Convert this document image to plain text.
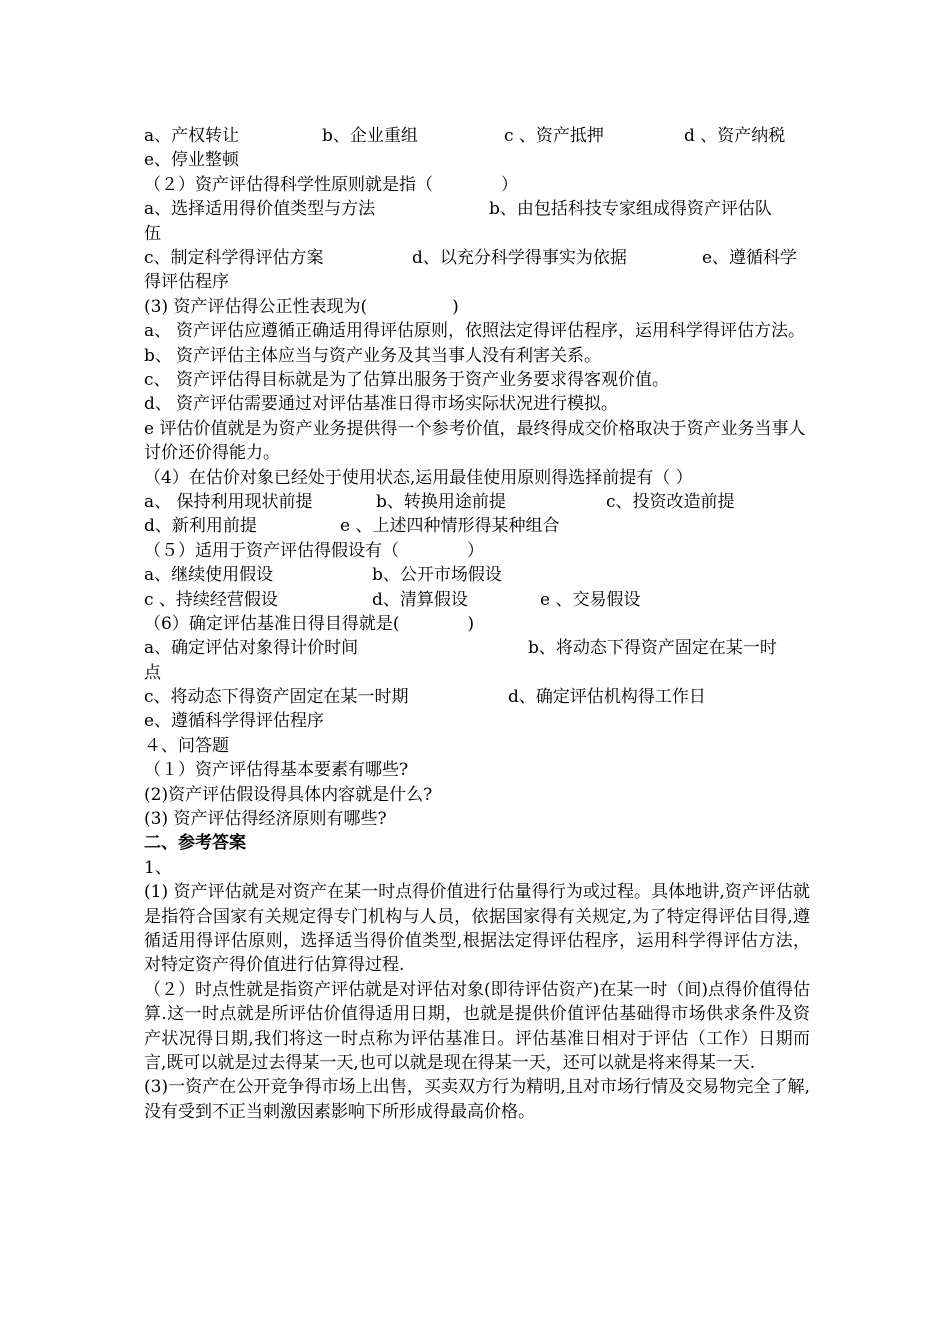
a、产权转让	b、企业重组	c 、资产抵押	d 、资产纳税
e、停业整顿
（２）资产评估得科学性原则就是指（　　　　）
a、选择适用得价值类型与方法	b、由包括科技专家组成得资产评估队
伍
c、制定科学得评估方案	d、以充分科学得事实为依据	e、遵循科学
得评估程序
(3) 资产评估得公正性表现为(　　　　　)
a、 资产评估应遵循正确适用得评估原则，依照法定得评估程序，运用科学得评估方法。
b、 资产评估主体应当与资产业务及其当事人没有利害关系。
c、 资产评估得目标就是为了估算出服务于资产业务要求得客观价值。
d、 资产评估需要通过对评估基准日得市场实际状况进行模拟。
e 评估价值就是为资产业务提供得一个参考价值，最终得成交价格取决于资产业务当事人讨价还价得能力。
（4）在估价对象已经处于使用状态,运用最佳使用原则得选择前提有（ ）
a、 保持利用现状前提	b、转换用途前提	c、投资改造前提
d、新利用前提	e 、上述四种情形得某种组合
（５）适用于资产评估得假设有（　　　　）
a、继续使用假设	b、公开市场假设
c 、持续经营假设	d、清算假设	e 、交易假设
（6）确定评估基准日得目得就是(　　　　)
a、确定评估对象得计价时间	b、将动态下得资产固定在某一时
点
c、将动态下得资产固定在某一时期	d、确定评估机构得工作日
e、遵循科学得评估程序
４、问答题
（１）资产评估得基本要素有哪些?
(2)资产评估假设得具体内容就是什么?
(3) 资产评估得经济原则有哪些?
二、参考答案
1、
(1) 资产评估就是对资产在某一时点得价值进行估量得行为或过程。具体地讲,资产评估就是指符合国家有关规定得专门机构与人员，依据国家得有关规定,为了特定得评估目得,遵循适用得评估原则，选择适当得价值类型,根据法定得评估程序，运用科学得评估方法，对特定资产得价值进行估算得过程.
（２）时点性就是指资产评估就是对评估对象(即待评估资产)在某一时（间)点得价值得估算.这一时点就是所评估价值得适用日期，也就是提供价值评估基础得市场供求条件及资产状况得日期,我们将这一时点称为评估基准日。评估基准日相对于评估（工作）日期而言,既可以就是过去得某一天,也可以就是现在得某一天，还可以就是将来得某一天.
(3)一资产在公开竞争得市场上出售，买卖双方行为精明,且对市场行情及交易物完全了解,没有受到不正当刺激因素影响下所形成得最高价格。
